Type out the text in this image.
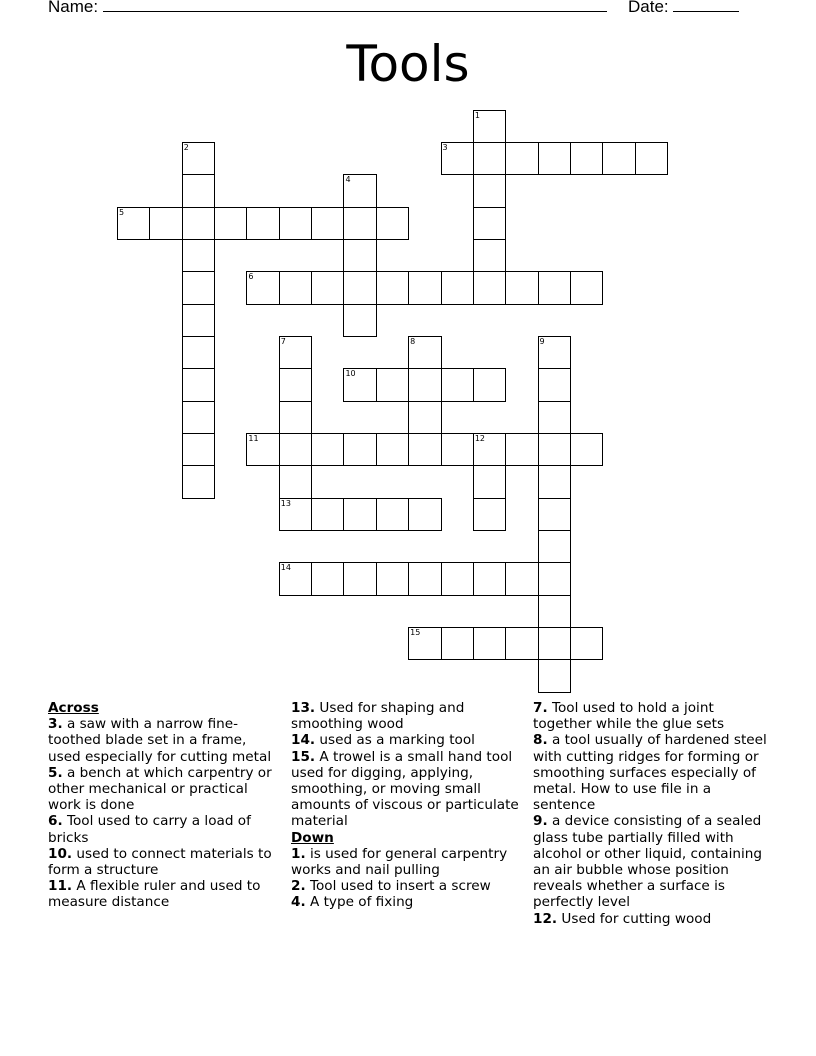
Name:	Date:
Tools
3
5
6
10
11	12
13
14
15
1
2
4
7	8	9

Across

3. a saw with a narrow fine-toothed blade set in a frame, used especially for cutting metal

5. a bench at which carpentry or other mechanical or practical work is done

6. Tool used to carry a load of bricks

10. used to connect materials to form a structure

11. A flexible ruler and used to measure distance

13. Used for shaping and smoothing wood

14. used as a marking tool

15. A trowel is a small hand tool used for digging, applying, smoothing, or moving small amounts of viscous or particulate material

Down

1. is used for general carpentry works and nail pulling

2. Tool used to insert a screw

4. A type of fixing

7. Tool used to hold a joint together while the glue sets

8. a tool usually of hardened steel with cutting ridges for forming or smoothing surfaces especially of metal. How to use file in a sentence

9. a device consisting of a sealed glass tube partially filled with alcohol or other liquid, containing an air bubble whose position reveals whether a surface is perfectly level

12. Used for cutting wood
